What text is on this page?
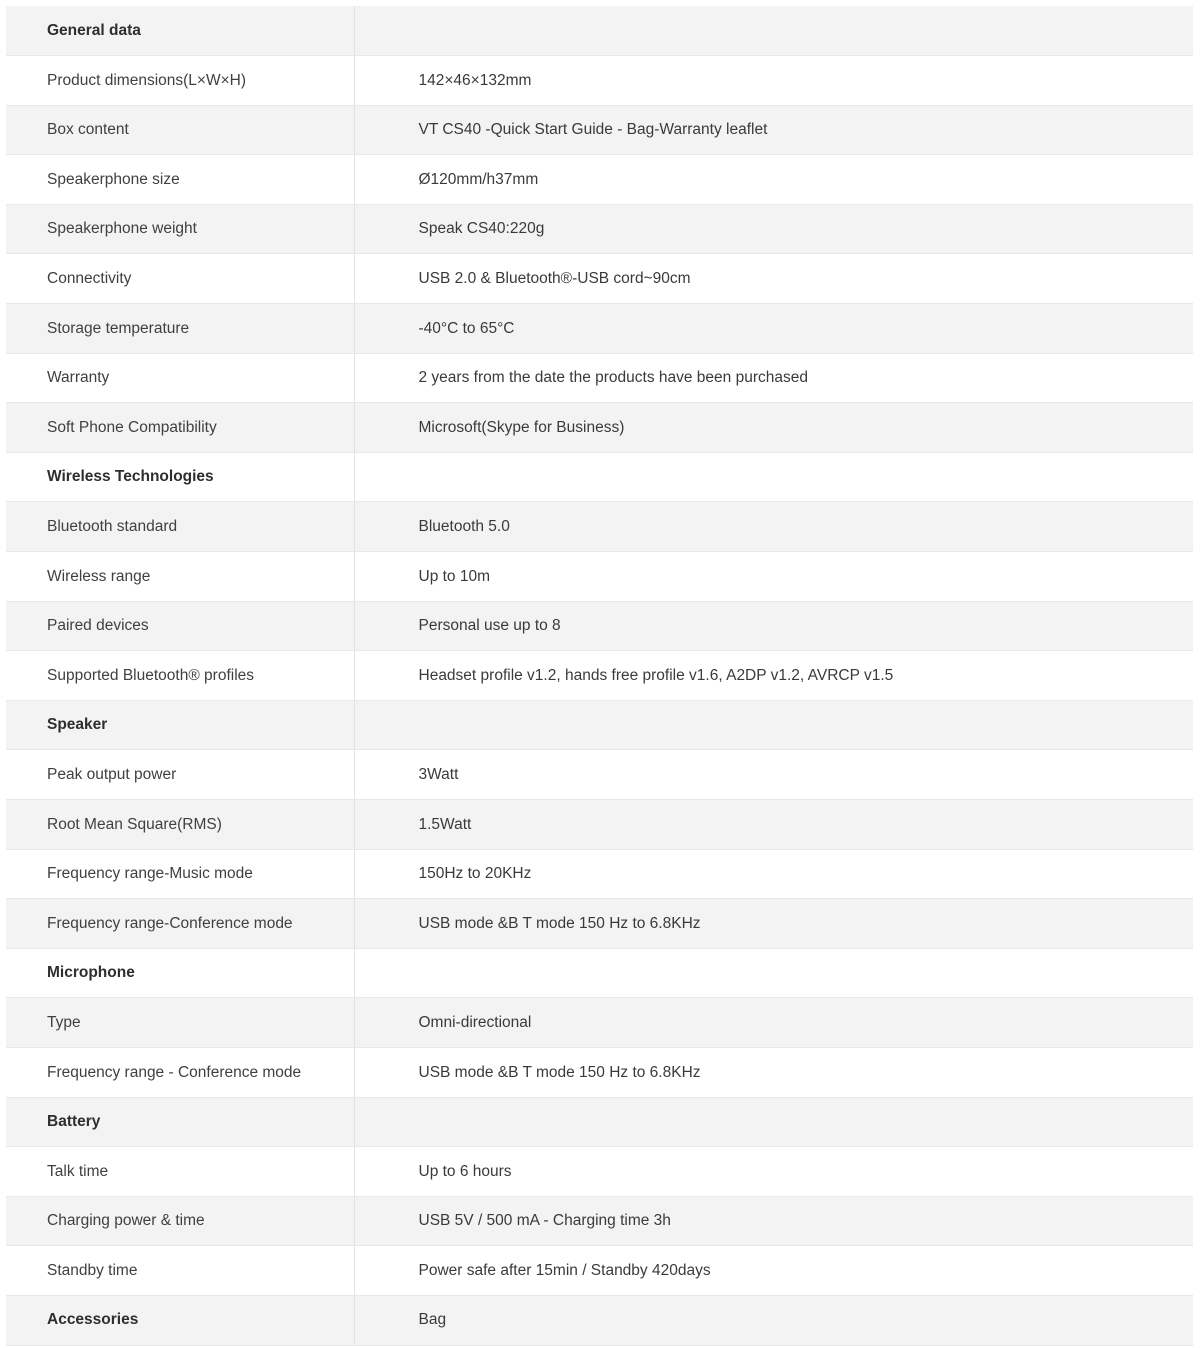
General data	
Product dimensions(L×W×H)	142×46×132mm
Box content	VT CS40 -Quick Start Guide - Bag-Warranty leaflet
Speakerphone size	Ø120mm/h37mm
Speakerphone weight	Speak CS40:220g
Connectivity	USB 2.0 & Bluetooth®-USB cord~90cm
Storage temperature	-40°C to 65°C
Warranty	2 years from the date the products have been purchased
Soft Phone Compatibility	Microsoft(Skype for Business)
Wireless Technologies	
Bluetooth standard	Bluetooth 5.0
Wireless range	Up to 10m
Paired devices	Personal use up to 8
Supported Bluetooth® profiles	Headset profile v1.2, hands free profile v1.6, A2DP v1.2, AVRCP v1.5
Speaker	
Peak output power	3Watt
Root Mean Square(RMS)	1.5Watt
Frequency range-Music mode	150Hz to 20KHz
Frequency range-Conference mode	USB mode &B T mode 150 Hz to 6.8KHz
Microphone	
Type	Omni-directional
Frequency range - Conference mode	USB mode &B T mode 150 Hz to 6.8KHz
Battery	
Talk time	Up to 6 hours
Charging power & time	USB 5V / 500 mA - Charging time 3h
Standby time	Power safe after 15min / Standby 420days
Accessories	Bag
